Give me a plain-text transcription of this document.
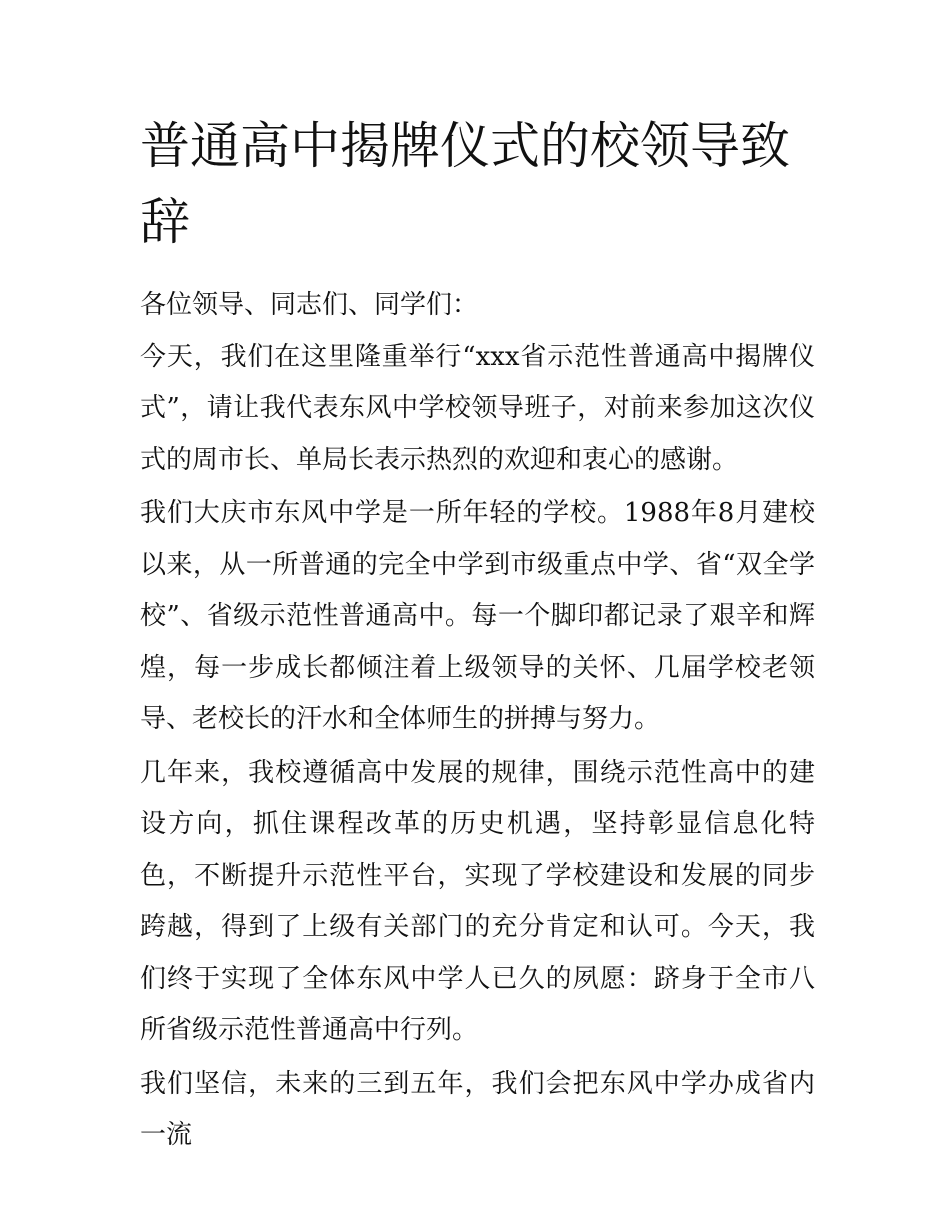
普通高中揭牌仪式的校领导致辞

各位领导、同志们、同学们：

今天，我们在这里隆重举行“xxx省示范性普通高中揭牌仪式”，请让我代表东风中学校领导班子，对前来参加这次仪式的周市长、单局长表示热烈的欢迎和衷心的感谢。

我们大庆市东风中学是一所年轻的学校。1988年8月建校以来，从一所普通的完全中学到市级重点中学、省“双全学校”、省级示范性普通高中。每一个脚印都记录了艰辛和辉煌，每一步成长都倾注着上级领导的关怀、几届学校老领导、老校长的汗水和全体师生的拼搏与努力。

几年来，我校遵循高中发展的规律，围绕示范性高中的建设方向，抓住课程改革的历史机遇，坚持彰显信息化特色，不断提升示范性平台，实现了学校建设和发展的同步跨越，得到了上级有关部门的充分肯定和认可。今天，我们终于实现了全体东风中学人已久的夙愿：跻身于全市八所省级示范性普通高中行列。

我们坚信，未来的三到五年，我们会把东风中学办成省内一流
